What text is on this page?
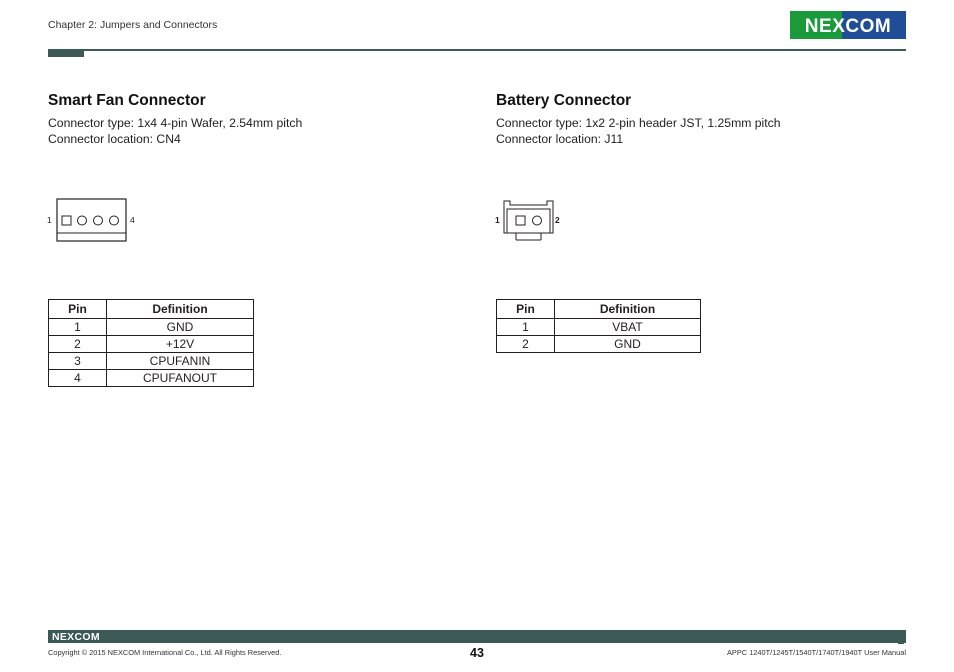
Chapter 2: Jumpers and Connectors	NEXCOM
Smart Fan Connector
Connector type: 1x4 4-pin Wafer, 2.54mm pitch
Connector location: CN4
1	4
Pin	Definition
1	GND
2	+12V
3	CPUFANIN
4	CPUFANOUT
Battery Connector
Connector type: 1x2 2-pin header JST, 1.25mm pitch
Connector location: J11
1	2
Pin	Definition
1	VBAT
2	GND
NEXCOM
Copyright © 2015 NEXCOM International Co., Ltd. All Rights Reserved.	43	APPC 1240T/1245T/1540T/1740T/1940T User Manual
